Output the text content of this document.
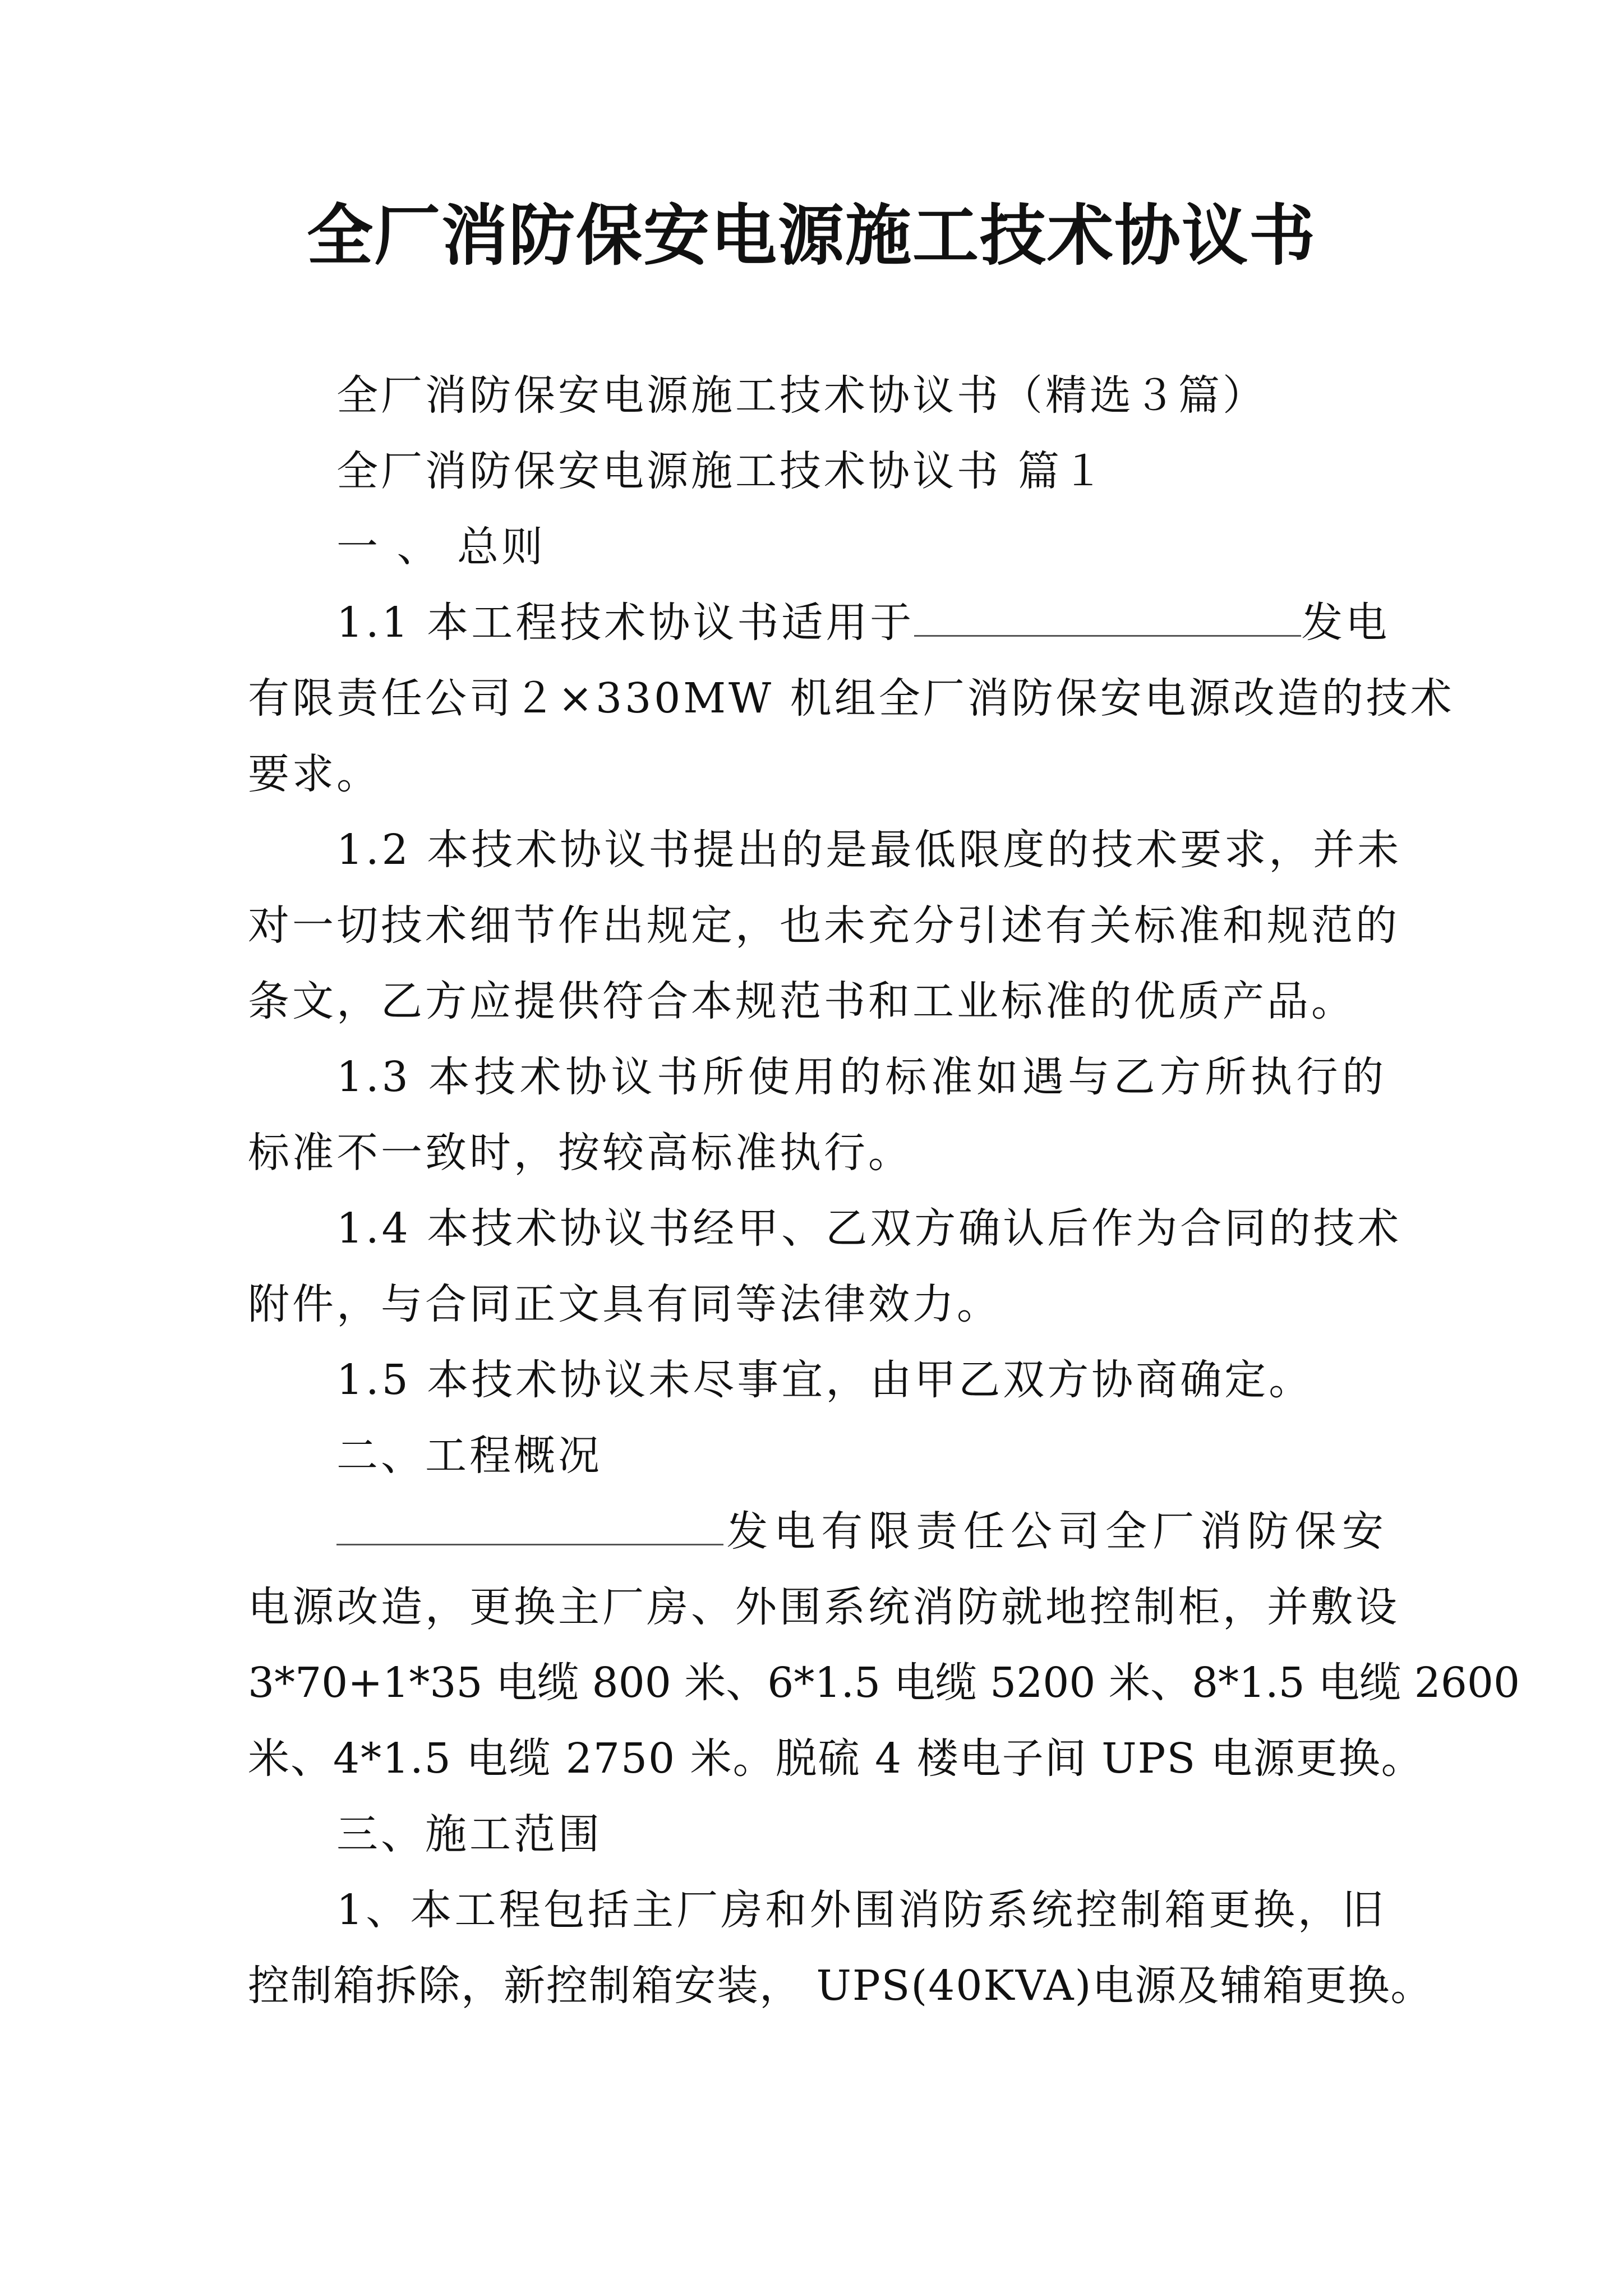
全厂消防保安电源施工技术协议书
全厂消防保安电源施工技术协议书（精选３篇）
全厂消防保安电源施工技术协议书 篇１
一 、 总则
1.1 本工程技术协议书适用于	发电
有限责任公司２×330MW 机组全厂消防保安电源改造的技术
要求。
1.2 本技术协议书提出的是最低限度的技术要求，并未
对一切技术细节作出规定，也未充分引述有关标准和规范的
条文，乙方应提供符合本规范书和工业标准的优质产品。
1.3 本技术协议书所使用的标准如遇与乙方所执行的
标准不一致时，按较高标准执行。
1.4 本技术协议书经甲、乙双方确认后作为合同的技术
附件，与合同正文具有同等法律效力。
1.5 本技术协议未尽事宜，由甲乙双方协商确定。
二、工程概况
发电有限责任公司全厂消防保安
电源改造，更换主厂房、外围系统消防就地控制柜，并敷设
3*70+1*35 电缆 800 米、6*1.5 电缆 5200 米、8*1.5 电缆 2600
米、4*1.5 电缆 2750 米。脱硫 4 楼电子间 UPS 电源更换。
三、施工范围
1、本工程包括主厂房和外围消防系统控制箱更换，旧
控制箱拆除，新控制箱安装， UPS(40KVA)电源及辅箱更换。
